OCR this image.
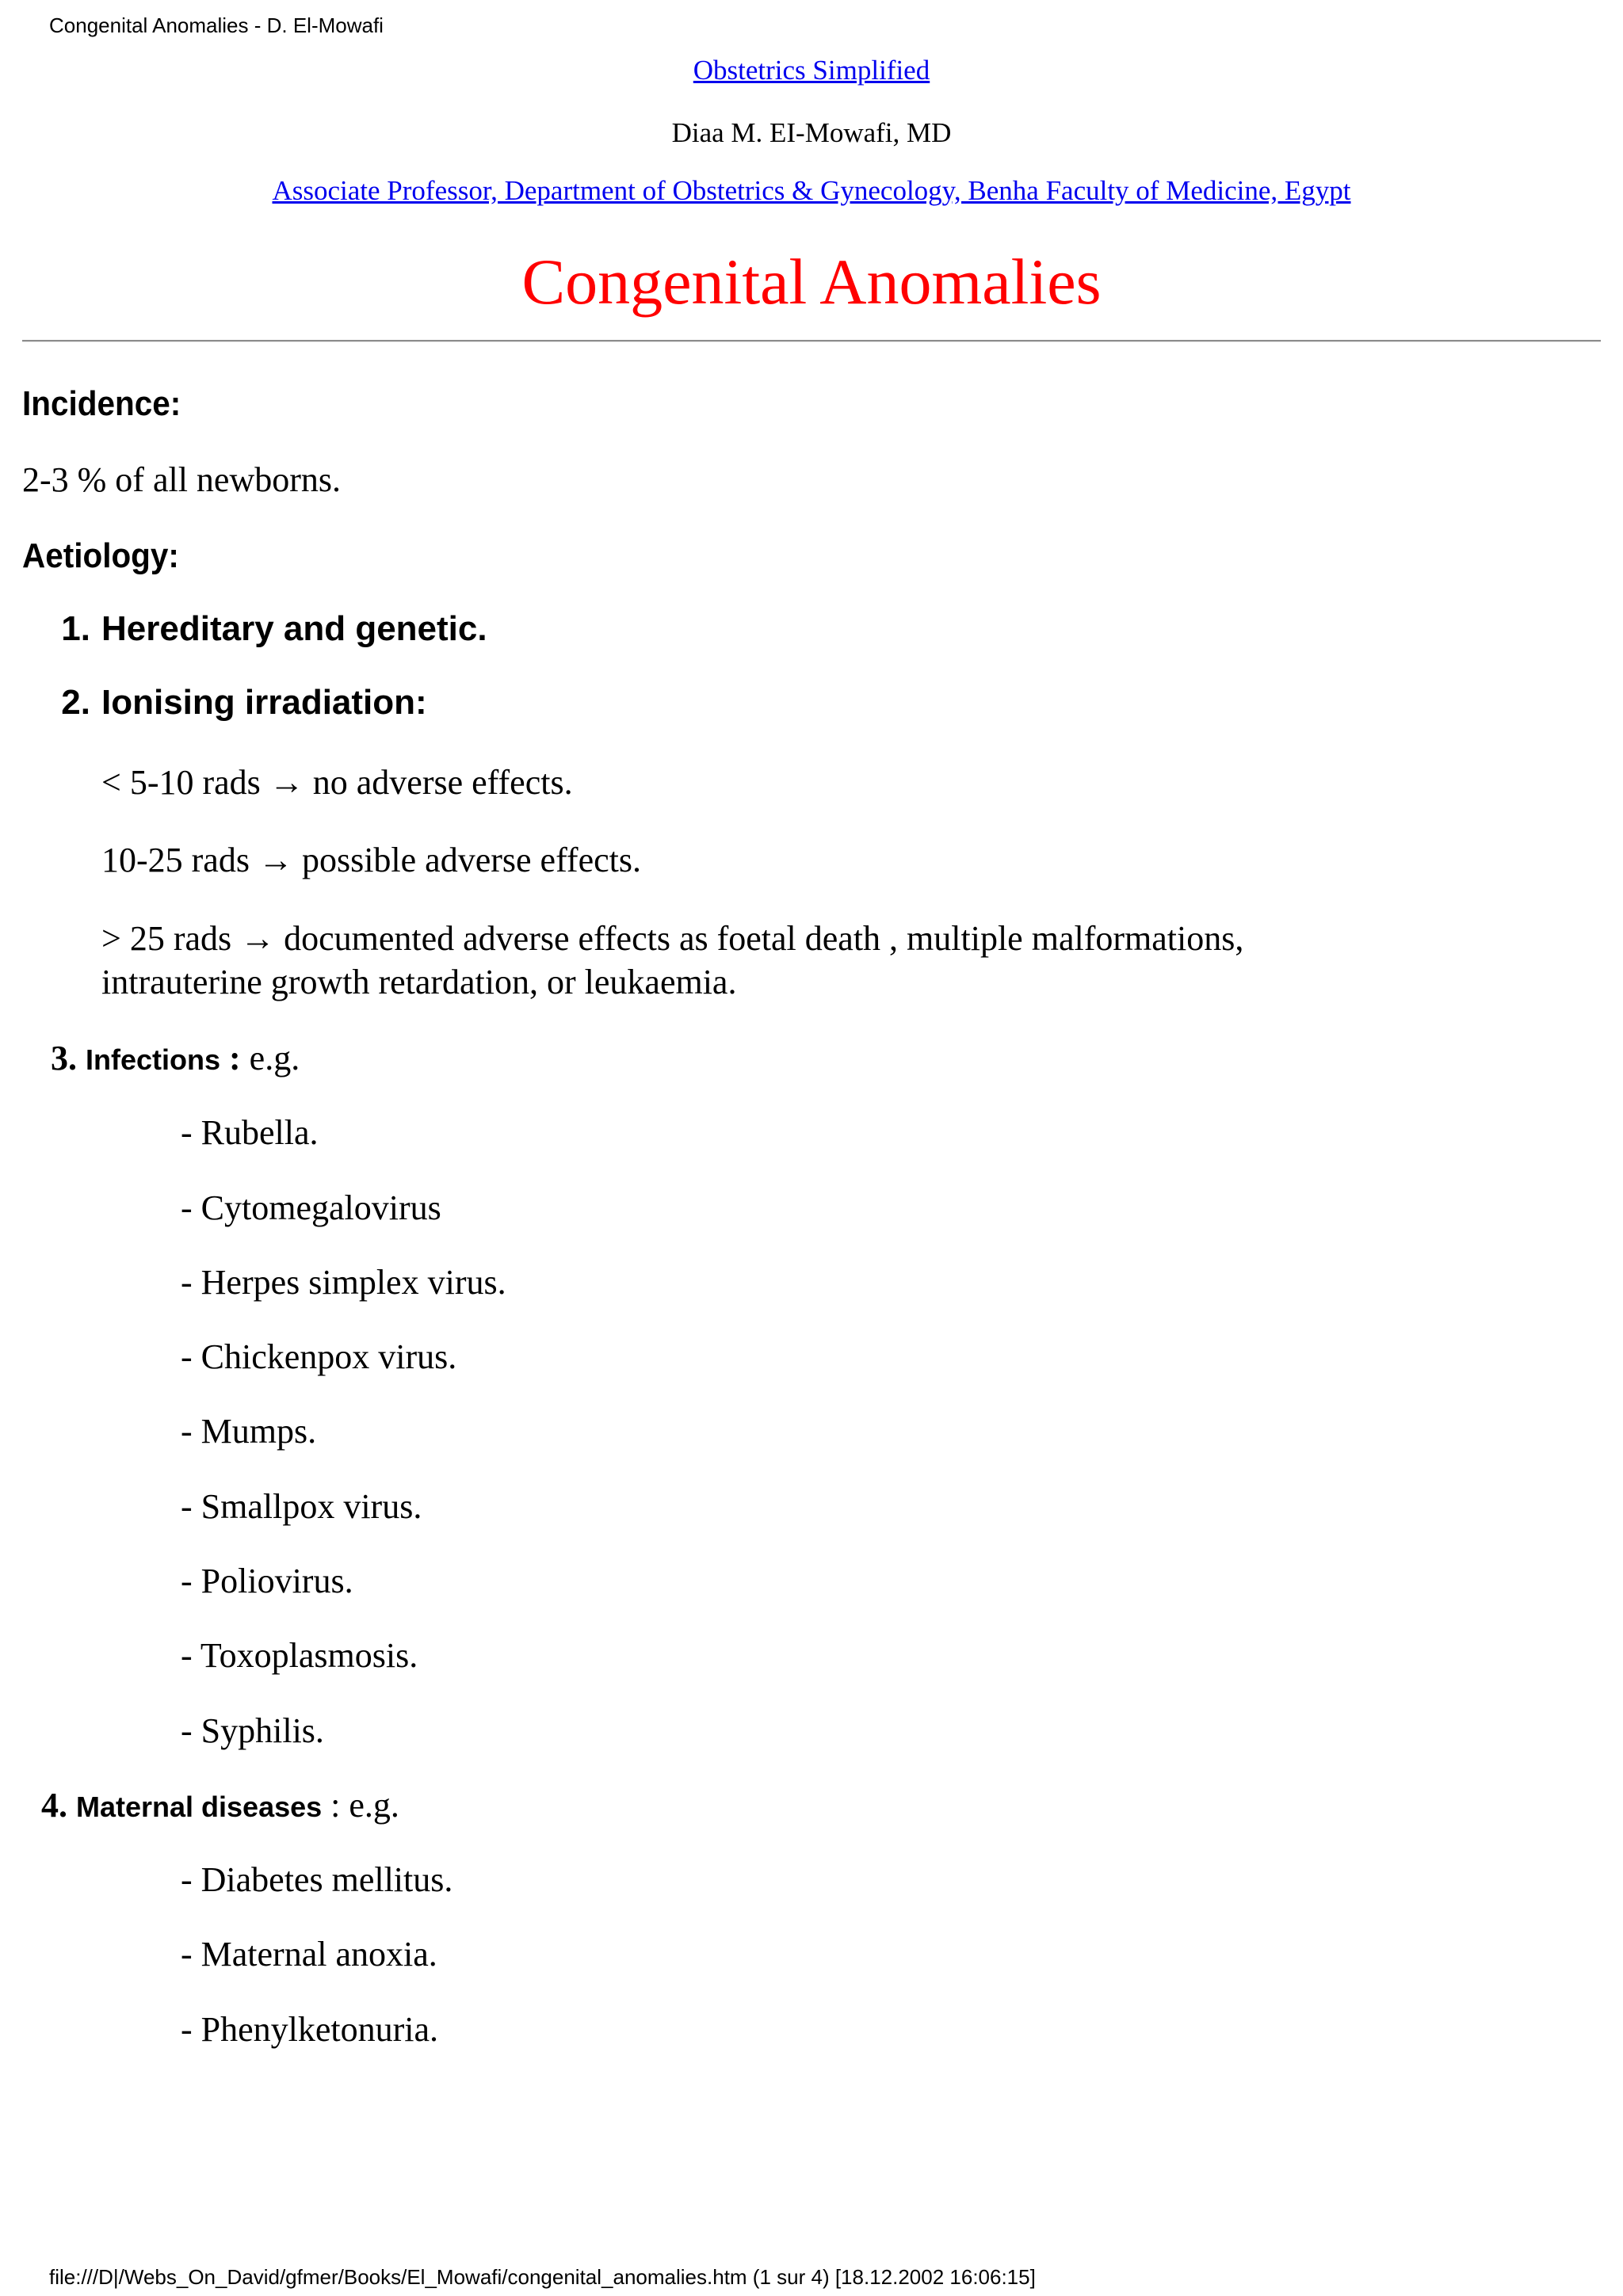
Congenital Anomalies - D. El-Mowafi
Obstetrics Simplified
Diaa M. EI-Mowafi, MD
Associate Professor, Department of Obstetrics & Gynecology, Benha Faculty of Medicine, Egypt
Congenital Anomalies
Incidence:

2-3 % of all newborns.

Aetiology:
1. Hereditary and genetic.
2. Ionising irradiation:

< 5-10 rads → no adverse effects.

10-25 rads → possible adverse effects.

> 25 rads → documented adverse effects as foetal death , multiple malformations,

intrauterine growth retardation, or leukaemia.

3. Infections : e.g.

- Rubella.

- Cytomegalovirus

- Herpes simplex virus.

- Chickenpox virus.

- Mumps.

- Smallpox virus.

- Poliovirus.

- Toxoplasmosis.

- Syphilis.

4. Maternal diseases : e.g.

- Diabetes mellitus.

- Maternal anoxia.

- Phenylketonuria.

file:///D|/Webs_On_David/gfmer/Books/El_Mowafi/congenital_anomalies.htm (1 sur 4) [18.12.2002 16:06:15]
